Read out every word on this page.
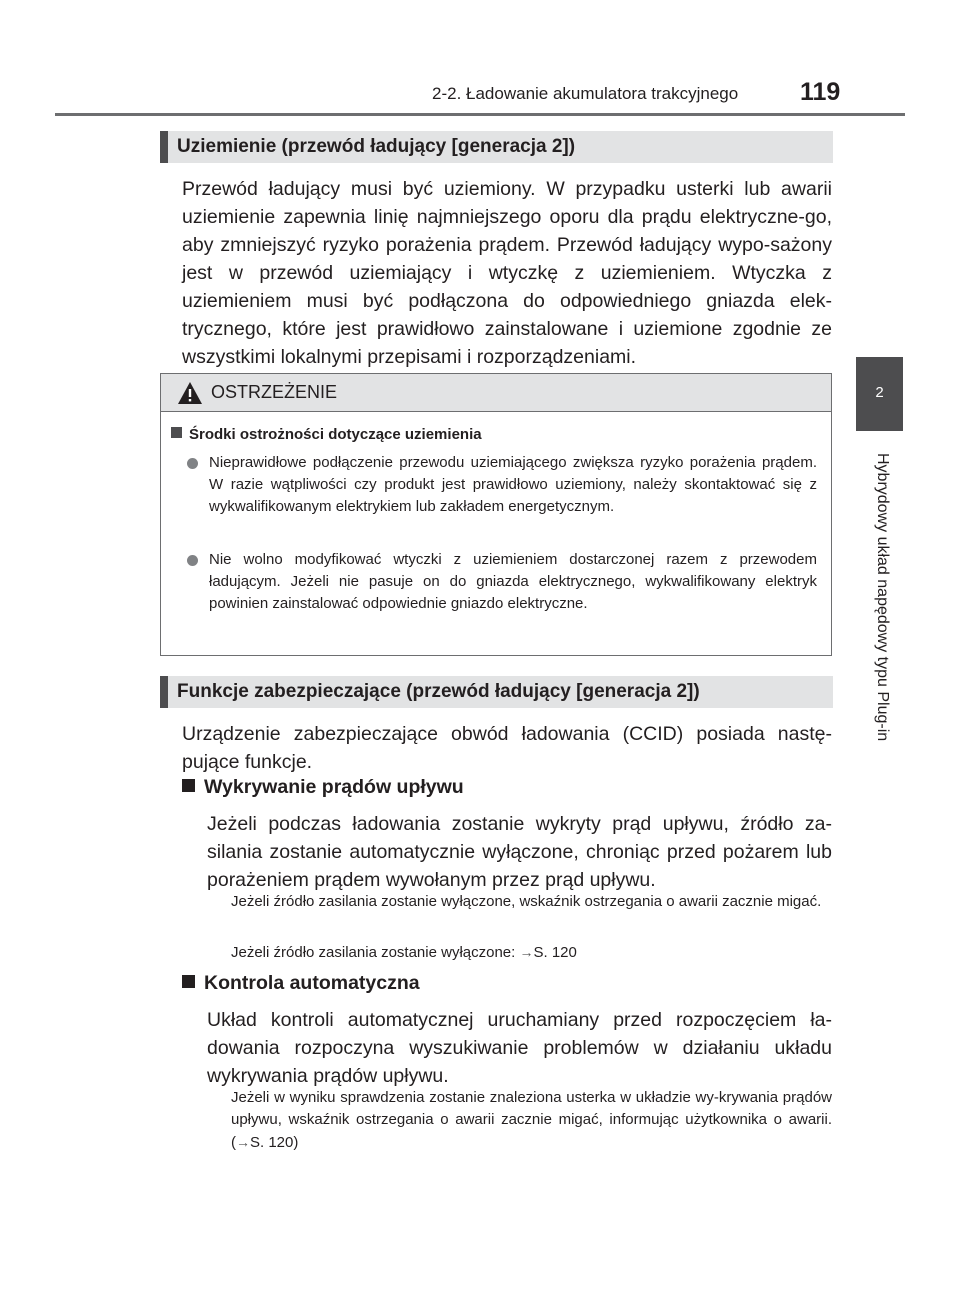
2-2. Ładowanie akumulatora trakcyjnego 119
2
Hybrydowy układ napędowy typu Plug-in
Uziemienie (przewód ładujący [generacja 2])

Przewód ładujący musi być uziemiony. W przypadku usterki lub awarii uziemienie zapewnia linię najmniejszego oporu dla prądu elektryczne-go, aby zmniejszyć ryzyko porażenia prądem. Przewód ładujący wypo-sażony jest w przewód uziemiający i wtyczkę z uziemieniem. Wtyczka z uziemieniem musi być podłączona do odpowiedniego gniazda elek-trycznego, które jest prawidłowo zainstalowane i uziemione zgodnie ze wszystkimi lokalnymi przepisami i rozporządzeniami.

OSTRZEŻENIE
Środki ostrożności dotyczące uziemienia
Nieprawidłowe podłączenie przewodu uziemiającego zwiększa ryzyko porażenia prądem. W razie wątpliwości czy produkt jest prawidłowo uziemiony, należy skontaktować się z wykwalifikowanym elektrykiem lub zakładem energetycznym.
Nie wolno modyfikować wtyczki z uziemieniem dostarczonej razem z przewodem ładującym. Jeżeli nie pasuje on do gniazda elektrycznego, wykwalifikowany elektryk powinien zainstalować odpowiednie gniazdo elektryczne.
Funkcje zabezpieczające (przewód ładujący [generacja 2])

Urządzenie zabezpieczające obwód ładowania (CCID) posiada nastę-pujące funkcje.

Wykrywanie prądów upływu

Jeżeli podczas ładowania zostanie wykryty prąd upływu, źródło za-silania zostanie automatycznie wyłączone, chroniąc przed pożarem lub porażeniem prądem wywołanym przez prąd upływu.

Jeżeli źródło zasilania zostanie wyłączone, wskaźnik ostrzegania o awarii zacznie migać.
Jeżeli źródło zasilania zostanie wyłączone: →S. 120
Kontrola automatyczna

Układ kontroli automatycznej uruchamiany przed rozpoczęciem ła-dowania rozpoczyna wyszukiwanie problemów w działaniu układu wykrywania prądów upływu.

Jeżeli w wyniku sprawdzenia zostanie znaleziona usterka w układzie wy-krywania prądów upływu, wskaźnik ostrzegania o awarii zacznie migać, informując użytkownika o awarii. (→S. 120)
